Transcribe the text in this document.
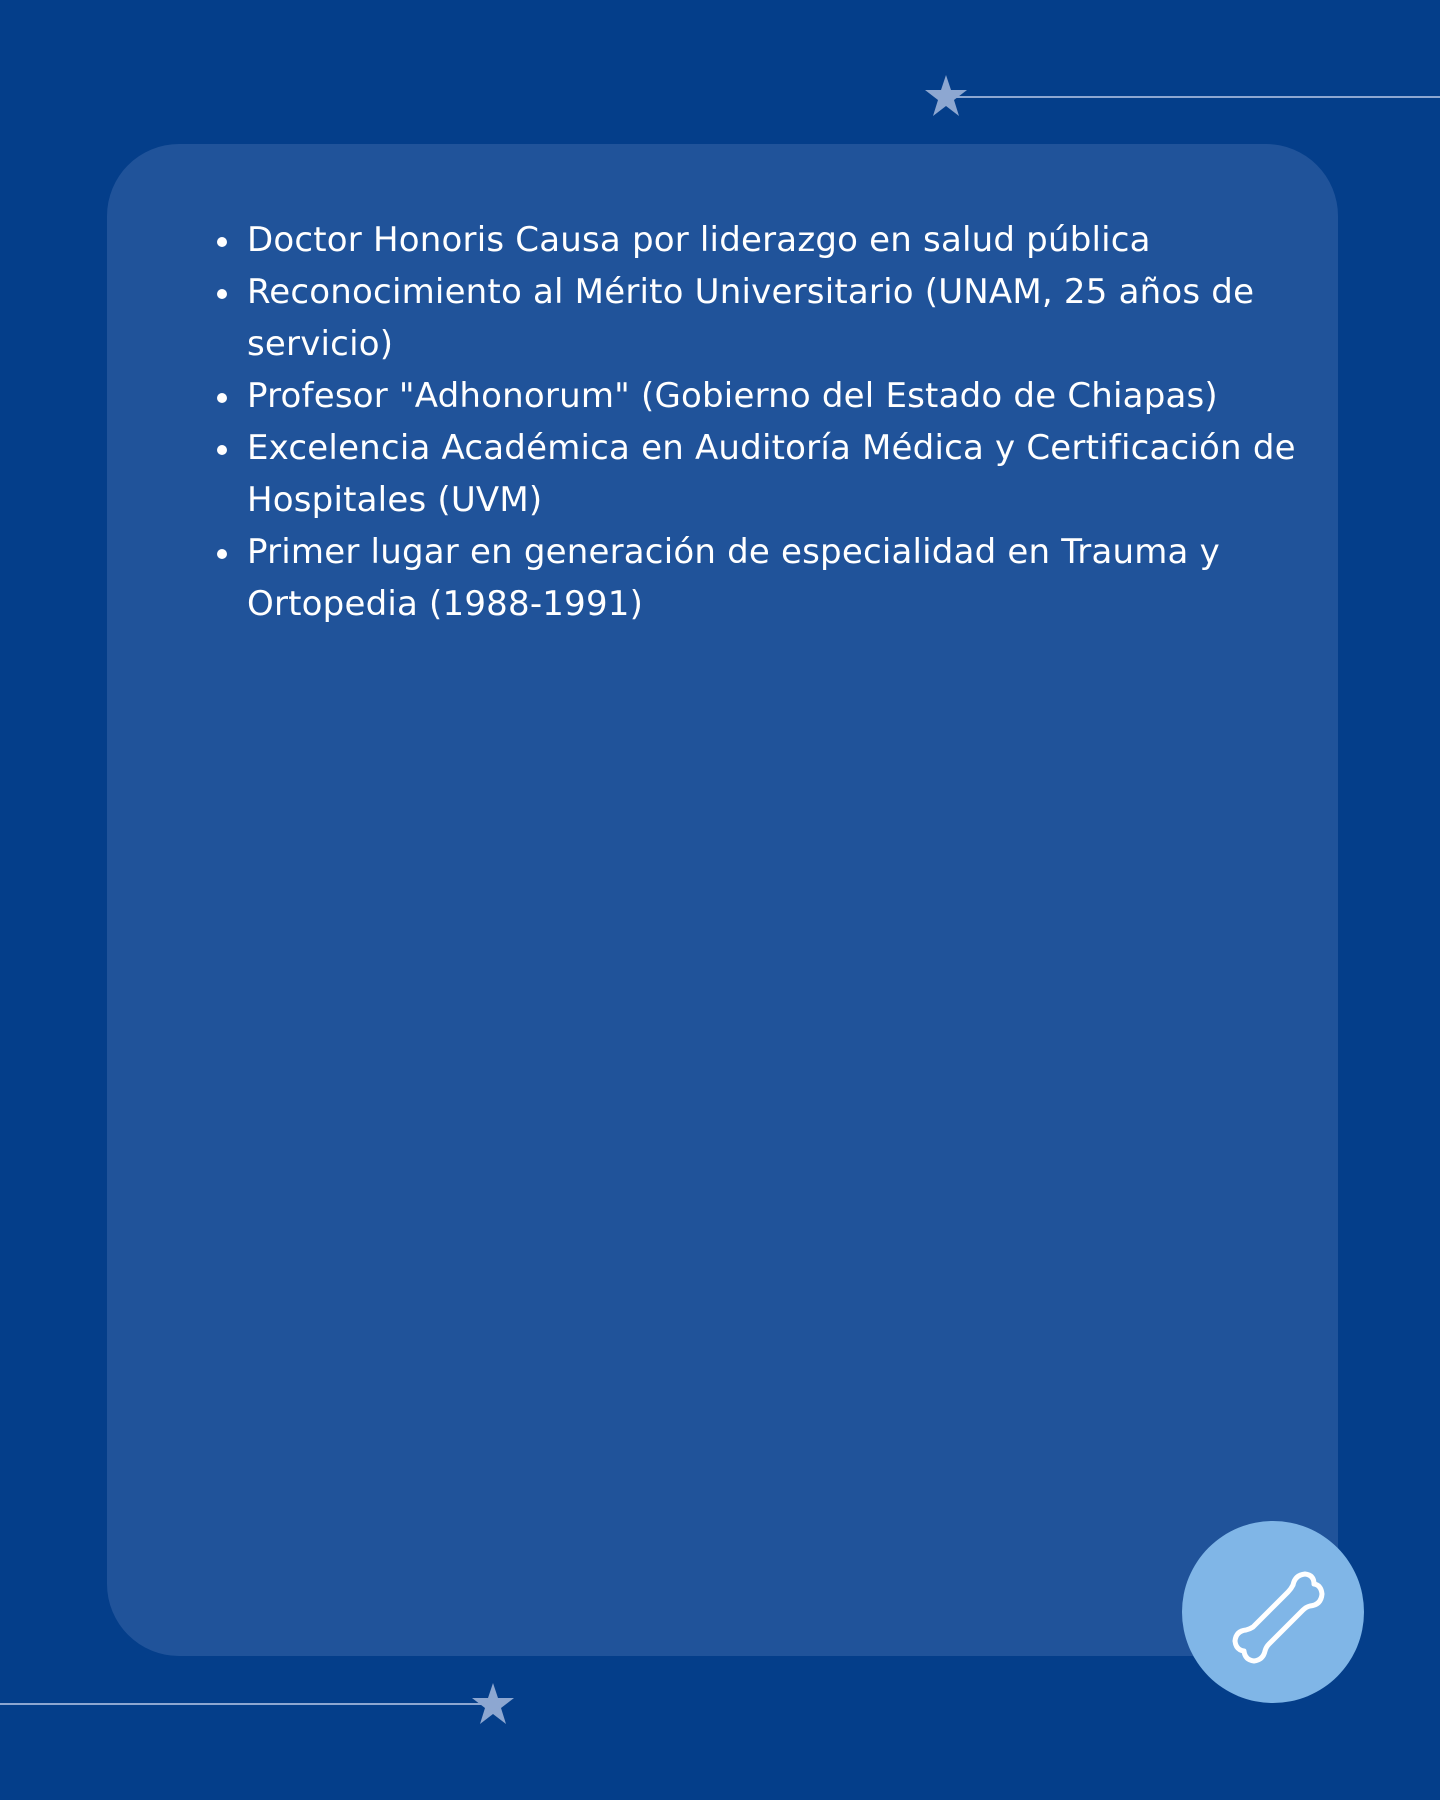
Doctor Honoris Causa por liderazgo en salud pública
Reconocimiento al Mérito Universitario (UNAM, 25 años de servicio)
Profesor "Adhonorum" (Gobierno del Estado de Chiapas)
Excelencia Académica en Auditoría Médica y Certificación de Hospitales (UVM)
Primer lugar en generación de especialidad en Trauma y Ortopedia (1988-1991)
